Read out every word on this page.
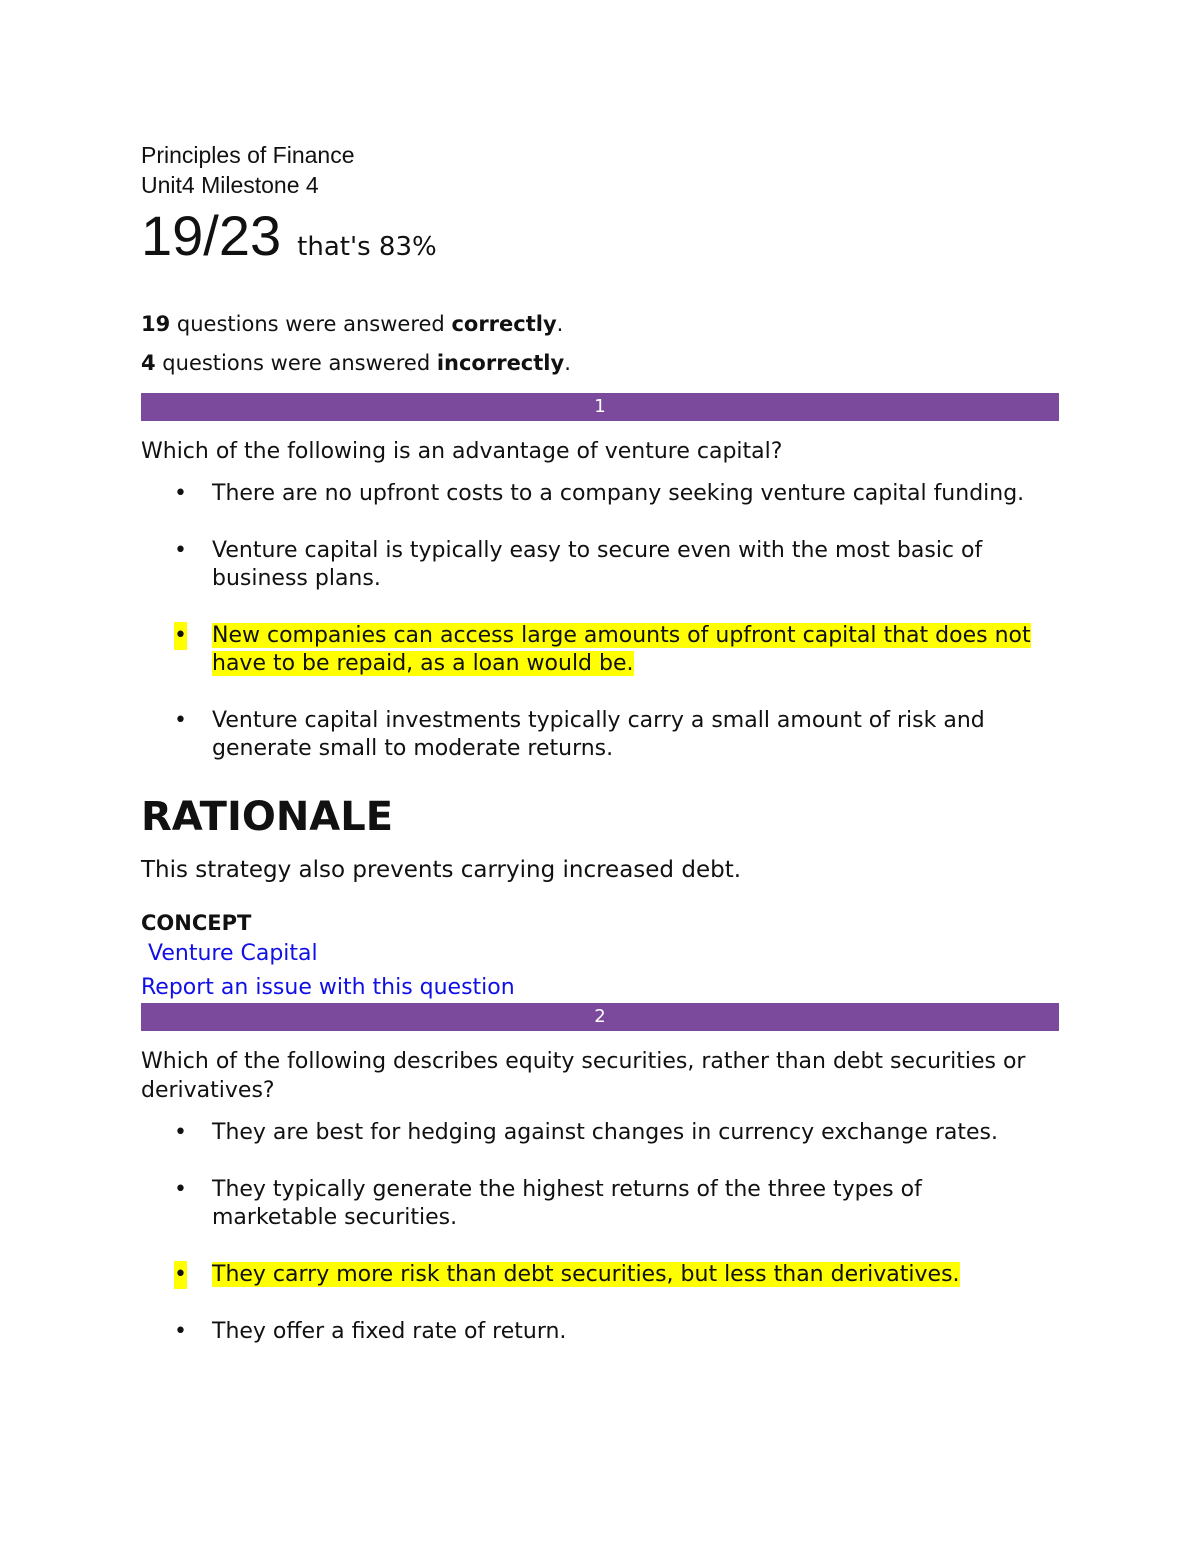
Principles of Finance

Unit4 Milestone 4

19/23 that's 83%

19 questions were answered correctly.

4 questions were answered incorrectly.

1

Which of the following is an advantage of venture capital?

• There are no upfront costs to a company seeking venture capital funding.
• Venture capital is typically easy to secure even with the most basic of business plans.
• New companies can access large amounts of upfront capital that does not have to be repaid, as a loan would be.
• Venture capital investments typically carry a small amount of risk and generate small to moderate returns.

RATIONALE

This strategy also prevents carrying increased debt.

CONCEPT

Venture Capital
Report an issue with this question
2

Which of the following describes equity securities, rather than debt securities or derivatives?

• They are best for hedging against changes in currency exchange rates.
• They typically generate the highest returns of the three types of marketable securities.
• They carry more risk than debt securities, but less than derivatives.
• They offer a fixed rate of return.
